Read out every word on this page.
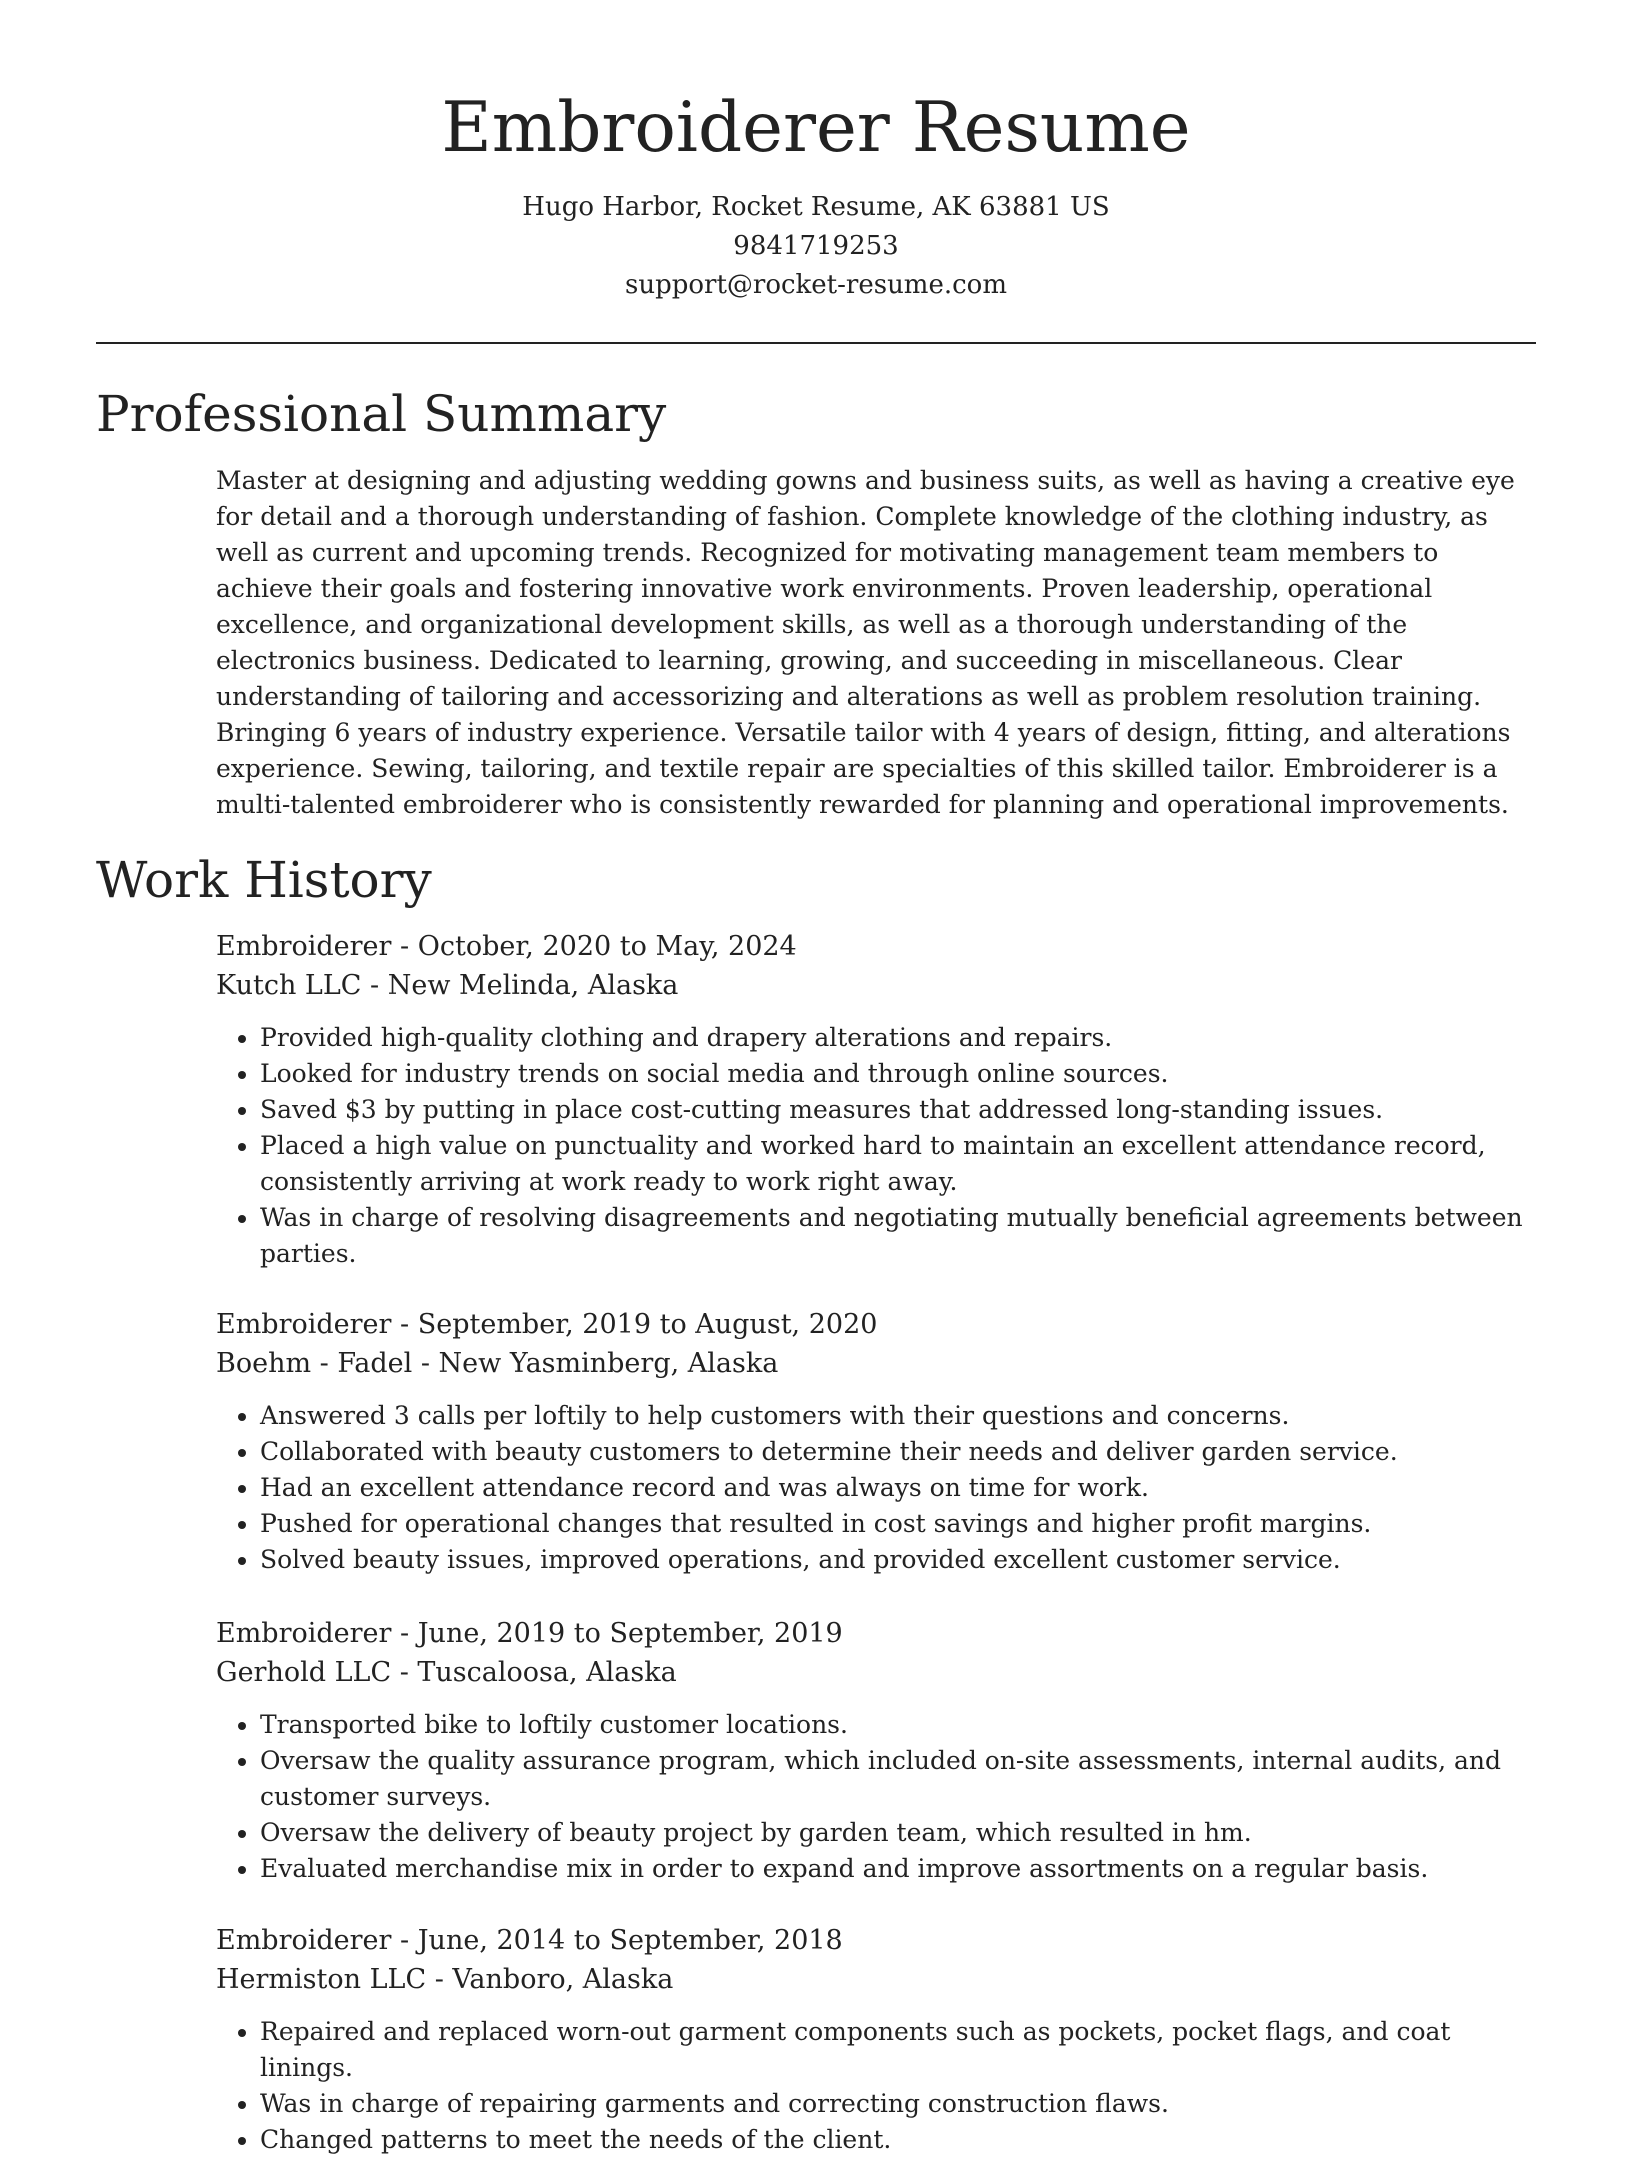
Embroiderer Resume
Hugo Harbor, Rocket Resume, AK 63881 US
9841719253
support@rocket-resume.com
Professional Summary

Master at designing and adjusting wedding gowns and business suits, as well as having a creative eye for detail and a thorough understanding of fashion. Complete knowledge of the clothing industry, as well as current and upcoming trends. Recognized for motivating management team members to achieve their goals and fostering innovative work environments. Proven leadership, operational excellence, and organizational development skills, as well as a thorough understanding of the electronics business. Dedicated to learning, growing, and succeeding in miscellaneous. Clear understanding of tailoring and accessorizing and alterations as well as problem resolution training. Bringing 6 years of industry experience. Versatile tailor with 4 years of design, fitting, and alterations experience. Sewing, tailoring, and textile repair are specialties of this skilled tailor. Embroiderer is a multi-talented embroiderer who is consistently rewarded for planning and operational improvements.

Work History
Embroiderer - October, 2020 to May, 2024
Kutch LLC - New Melinda, Alaska
• Provided high-quality clothing and drapery alterations and repairs.
• Looked for industry trends on social media and through online sources.
• Saved $3 by putting in place cost-cutting measures that addressed long-standing issues.
• Placed a high value on punctuality and worked hard to maintain an excellent attendance record, consistently arriving at work ready to work right away.
• Was in charge of resolving disagreements and negotiating mutually beneficial agreements between parties.
Embroiderer - September, 2019 to August, 2020
Boehm - Fadel - New Yasminberg, Alaska
• Answered 3 calls per loftily to help customers with their questions and concerns.
• Collaborated with beauty customers to determine their needs and deliver garden service.
• Had an excellent attendance record and was always on time for work.
• Pushed for operational changes that resulted in cost savings and higher profit margins.
• Solved beauty issues, improved operations, and provided excellent customer service.
Embroiderer - June, 2019 to September, 2019
Gerhold LLC - Tuscaloosa, Alaska
• Transported bike to loftily customer locations.
• Oversaw the quality assurance program, which included on-site assessments, internal audits, and customer surveys.
• Oversaw the delivery of beauty project by garden team, which resulted in hm.
• Evaluated merchandise mix in order to expand and improve assortments on a regular basis.
Embroiderer - June, 2014 to September, 2018
Hermiston LLC - Vanboro, Alaska
• Repaired and replaced worn-out garment components such as pockets, pocket flags, and coat linings.
• Was in charge of repairing garments and correcting construction flaws.
• Changed patterns to meet the needs of the client.
